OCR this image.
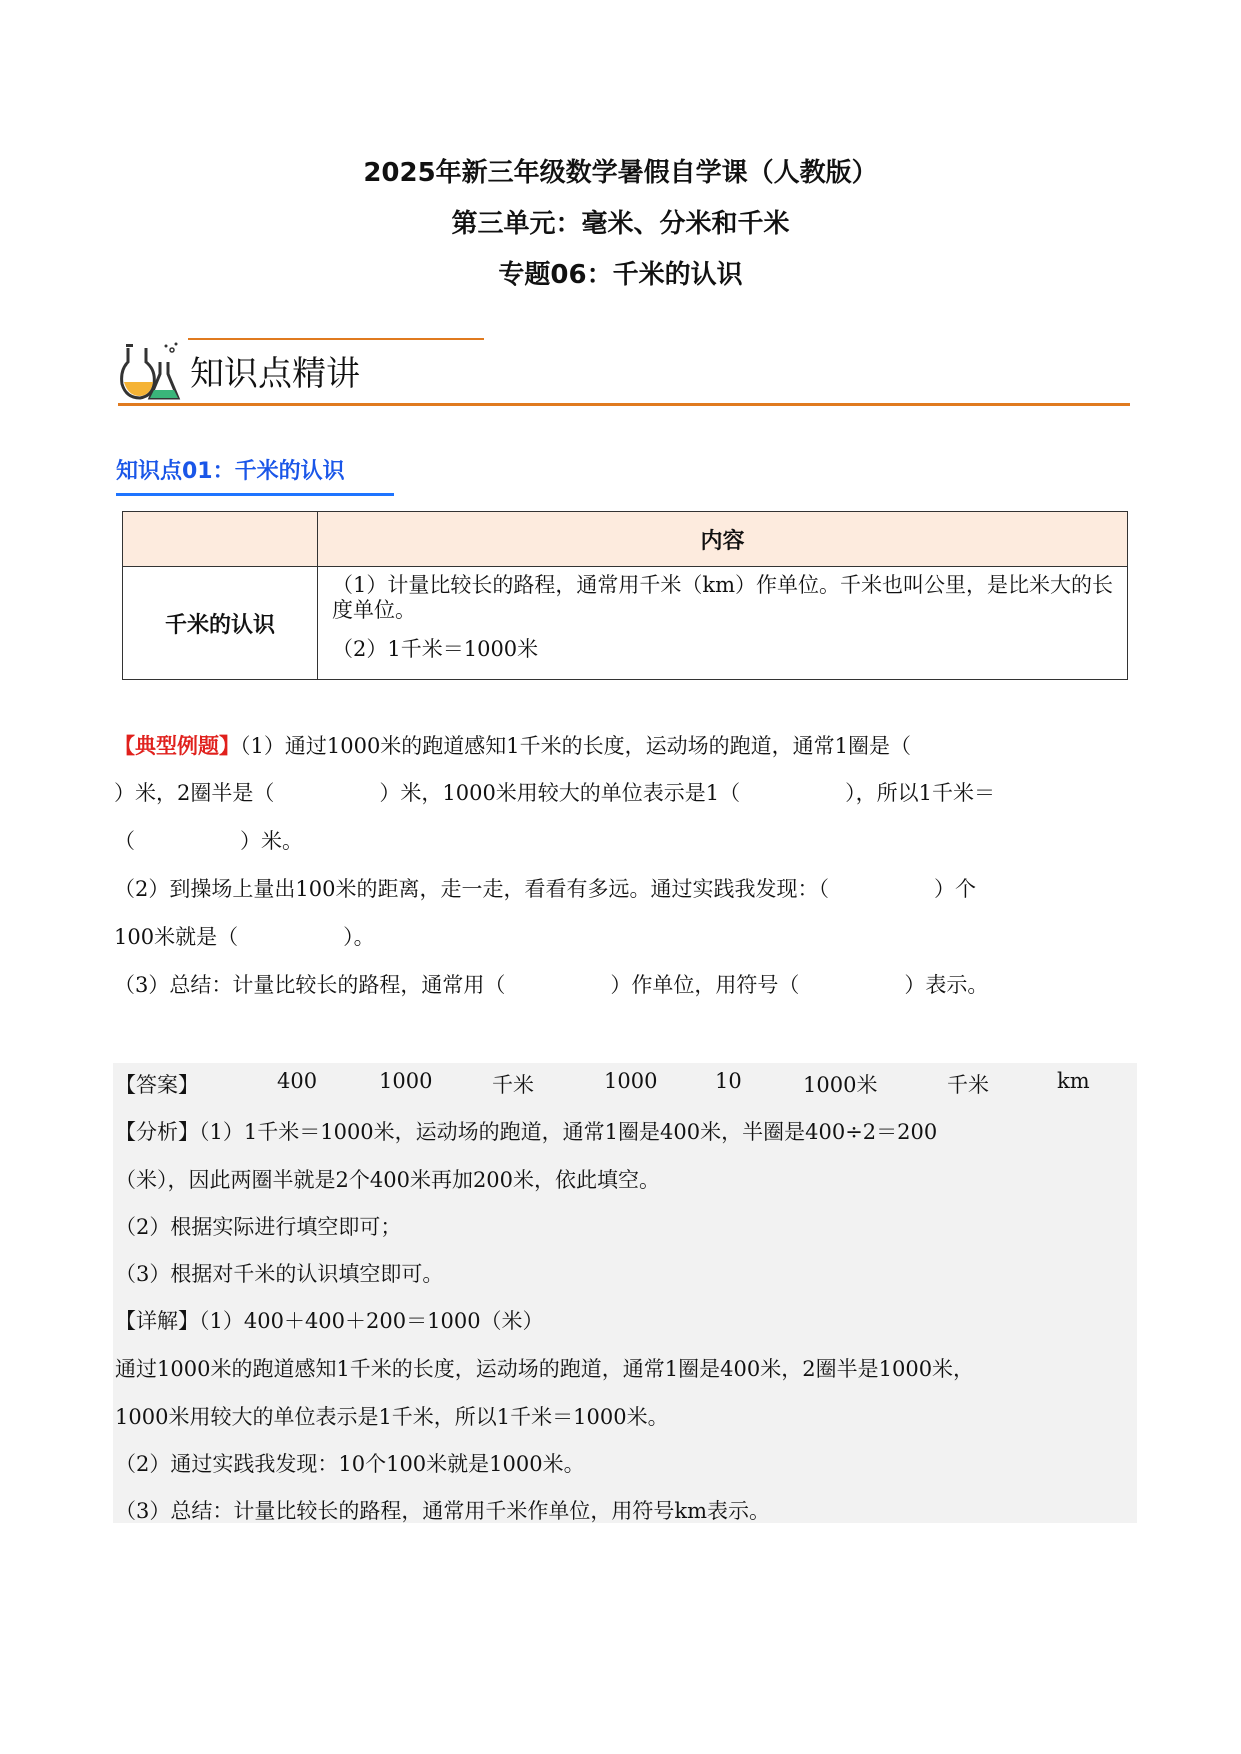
2025年新三年级数学暑假自学课（人教版）
第三单元：毫米、分米和千米
专题06：千米的认识
知识点精讲
知识点01：千米的认识
	内容
千米的认识	（1）计量比较长的路程，通常用千米（km）作单位。千米也叫公里，是比米大的长度单位。

（2）1千米＝1000米

【典型例题】（1）通过1000米的跑道感知1千米的长度，运动场的跑道，通常1圈是（
）米，2圈半是（　　　　　）米，1000米用较大的单位表示是1（　　　　　），所以1千米＝
（　　　　　）米。
（2）到操场上量出100米的距离，走一走，看看有多远。通过实践我发现：（　　　　　）个
100米就是（　　　　　）。
（3）总结：计量比较长的路程，通常用（　　　　　）作单位，用符号（　　　　　）表示。

【答案】

	400

	1000

	千米

	1000

	10

	1000米

	千米

	km

【分析】（1）1千米＝1000米，运动场的跑道，通常1圈是400米，半圈是400÷2＝200
（米），因此两圈半就是2个400米再加200米，依此填空。
（2）根据实际进行填空即可；
（3）根据对千米的认识填空即可。
【详解】（1）400＋400＋200＝1000（米）
通过1000米的跑道感知1千米的长度，运动场的跑道，通常1圈是400米，2圈半是1000米，
1000米用较大的单位表示是1千米，所以1千米＝1000米。
（2）通过实践我发现：10个100米就是1000米。
（3）总结：计量比较长的路程，通常用千米作单位，用符号km表示。
